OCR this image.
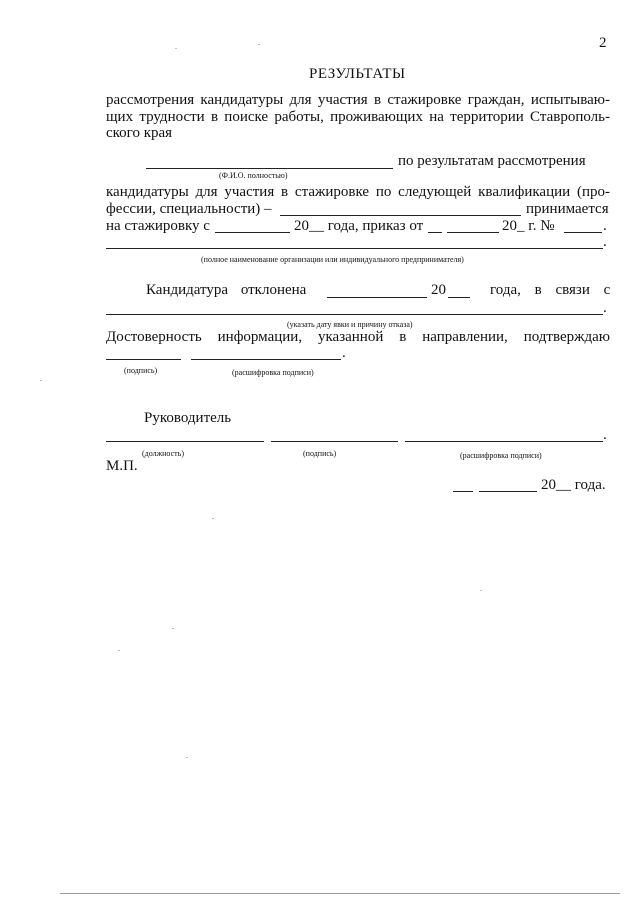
2
РЕЗУЛЬТАТЫ
рассмотрения кандидатуры для участия в стажировке граждан, испытываю-
щих трудности в поиске работы, проживающих на территории Ставрополь-
ского края
по результатам рассмотрения
(Ф.И.О. полностью)
кандидатуры для участия в стажировке по следующей квалификации (про-
фессии, специальности) –	принимается
на стажировку с	20__ года, приказ от	20_ г. №	.
.
(полное наименование организации или индивидуального предпринимателя)
Кандидатура отклонена	20	года, в связи с
.
(указать дату явки и причину отказа)
Достоверность информации, указанной в направлении, подтверждаю
.
(подпись)	(расшифровка подписи)
Руководитель
.
(должность)	(подпись)	(расшифровка подписи)
М.П.
20__ года.
